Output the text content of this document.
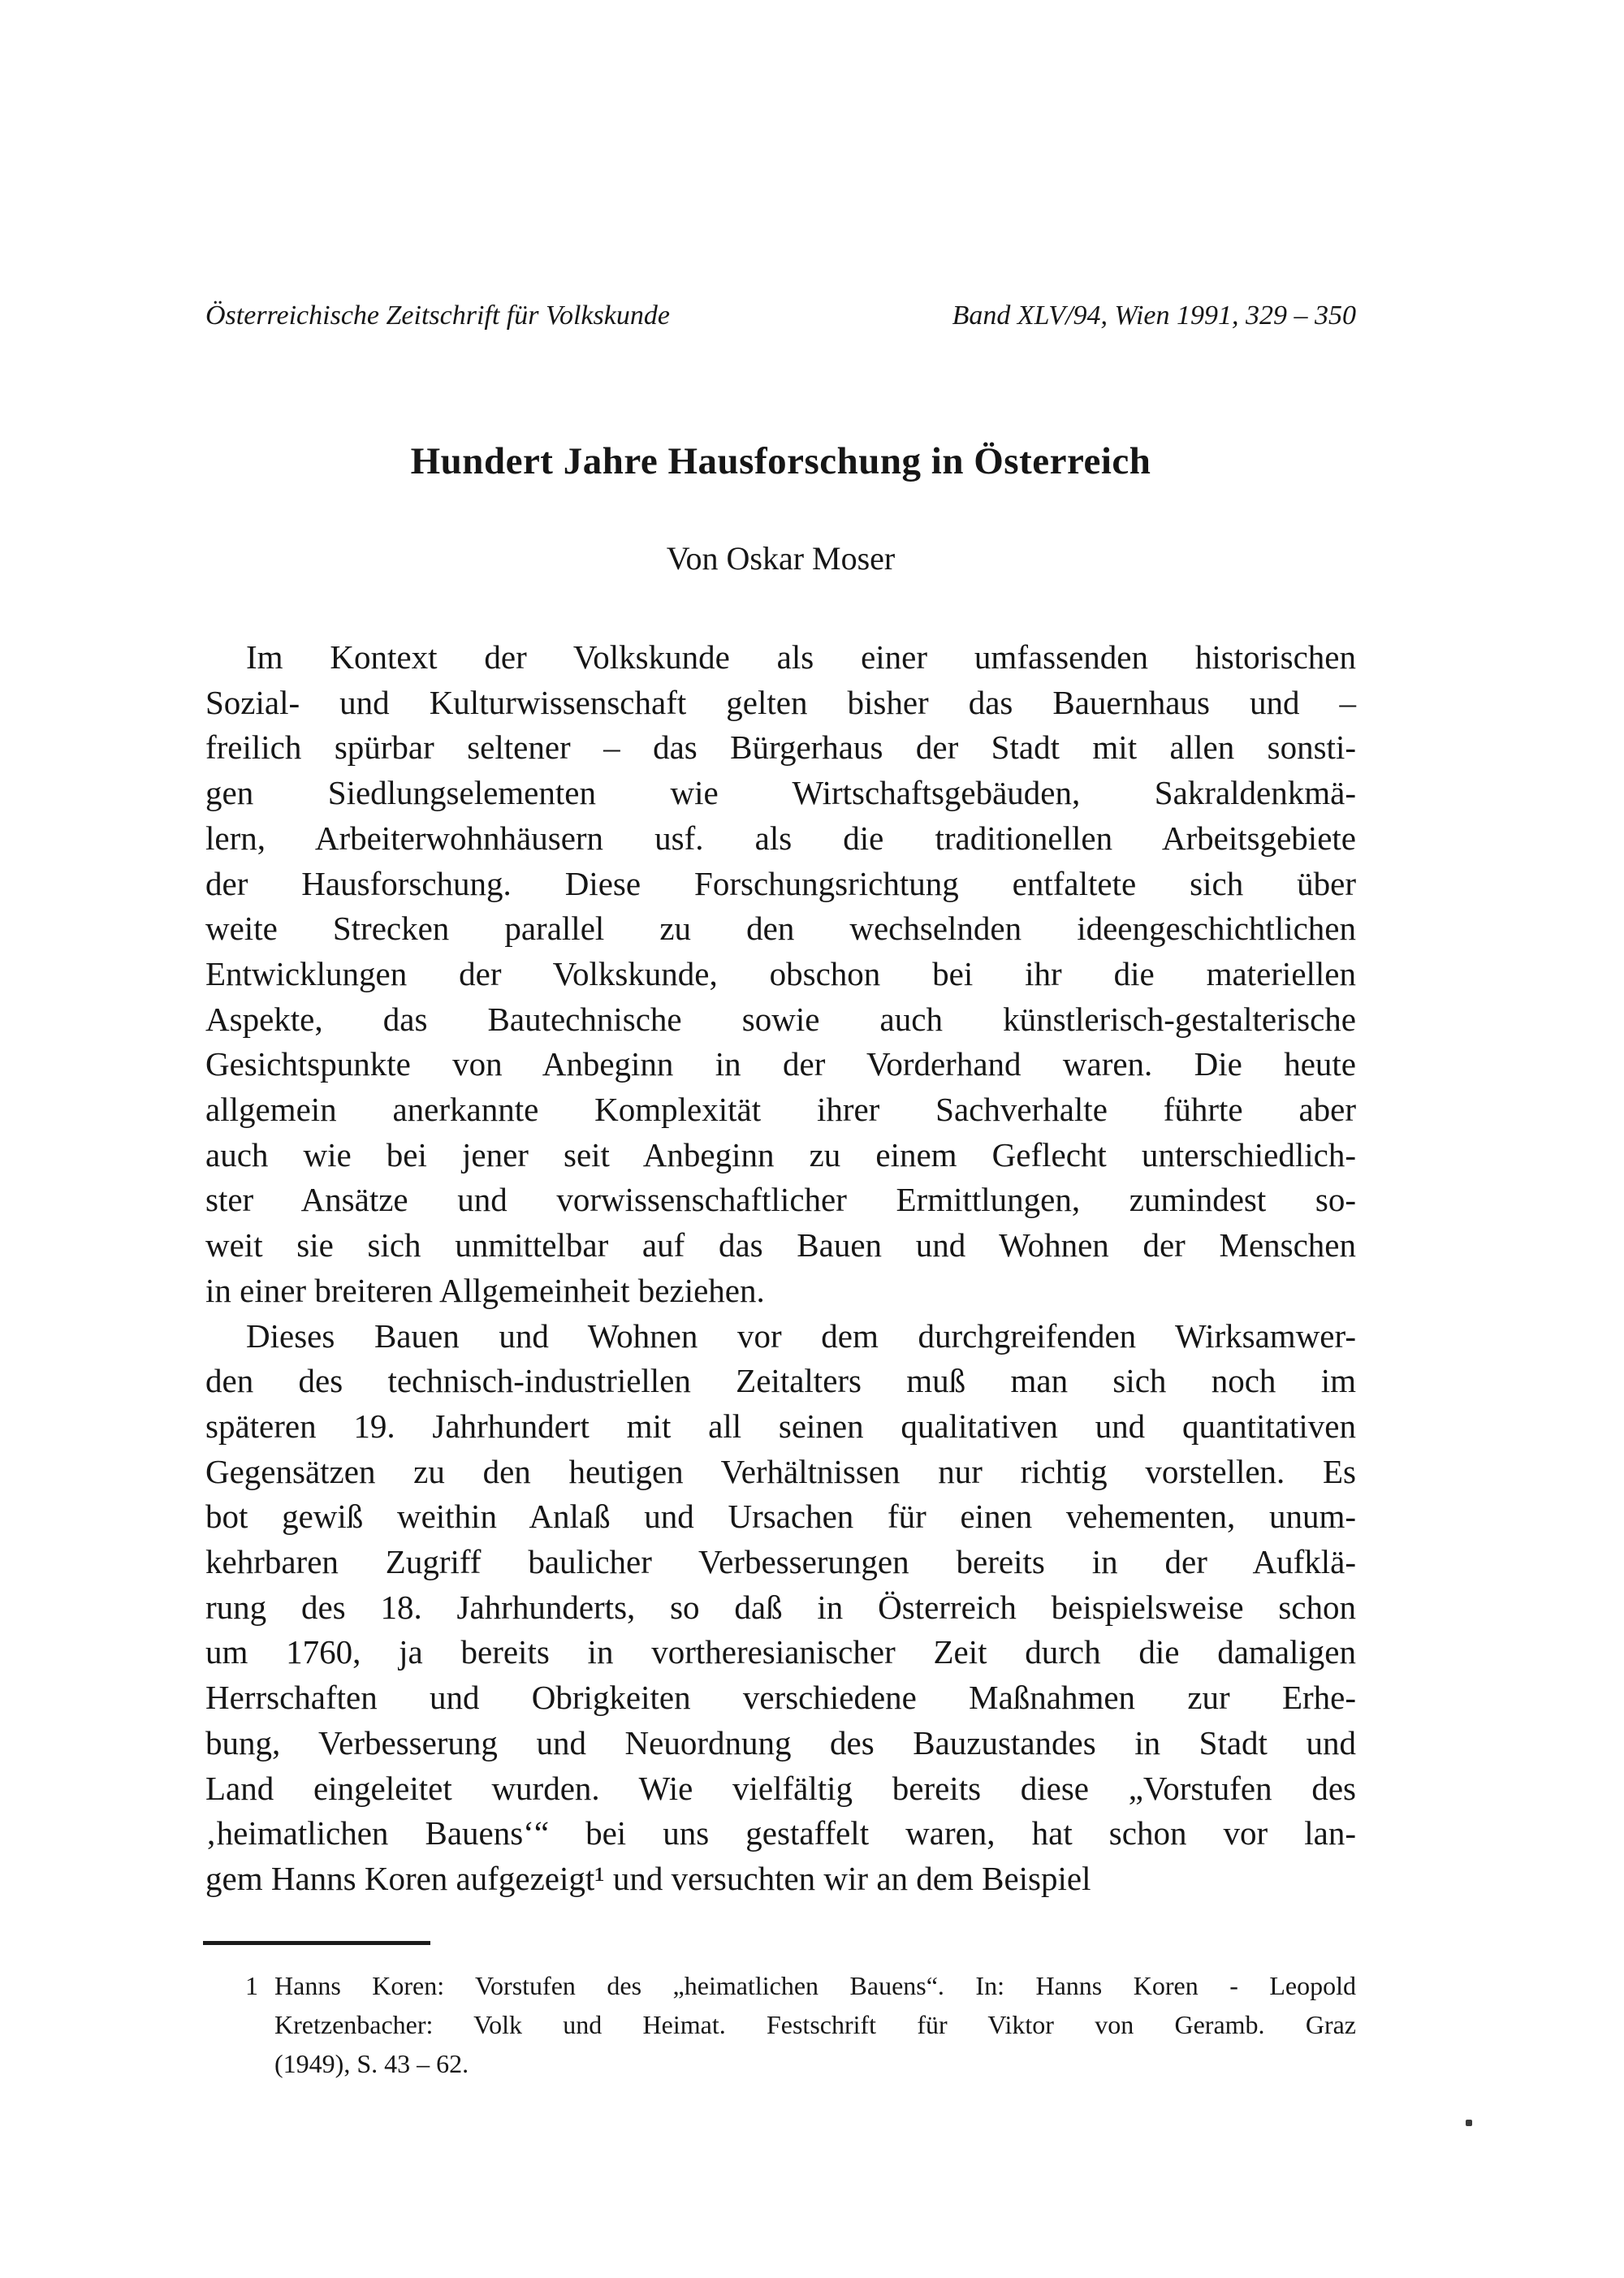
Österreichische Zeitschrift für Volkskunde	Band XLV/94, Wien 1991, 329 – 350
Hundert Jahre Hausforschung in Österreich
Von Oskar Moser
Im Kontext der Volkskunde als einer umfassenden historischen
Sozial- und Kulturwissenschaft gelten bisher das Bauernhaus und –
freilich spürbar seltener – das Bürgerhaus der Stadt mit allen sonsti-
gen Siedlungselementen wie Wirtschaftsgebäuden, Sakraldenkmä-
lern, Arbeiterwohnhäusern usf. als die traditionellen Arbeitsgebiete
der Hausforschung. Diese Forschungsrichtung entfaltete sich über
weite Strecken parallel zu den wechselnden ideengeschichtlichen
Entwicklungen der Volkskunde, obschon bei ihr die materiellen
Aspekte, das Bautechnische sowie auch künstlerisch-gestalterische
Gesichtspunkte von Anbeginn in der Vorderhand waren. Die heute
allgemein anerkannte Komplexität ihrer Sachverhalte führte aber
auch wie bei jener seit Anbeginn zu einem Geflecht unterschiedlich-
ster Ansätze und vorwissenschaftlicher Ermittlungen, zumindest so-
weit sie sich unmittelbar auf das Bauen und Wohnen der Menschen
in einer breiteren Allgemeinheit beziehen.
Dieses Bauen und Wohnen vor dem durchgreifenden Wirksamwer-
den des technisch-industriellen Zeitalters muß man sich noch im
späteren 19. Jahrhundert mit all seinen qualitativen und quantitativen
Gegensätzen zu den heutigen Verhältnissen nur richtig vorstellen. Es
bot gewiß weithin Anlaß und Ursachen für einen vehementen, unum-
kehrbaren Zugriff baulicher Verbesserungen bereits in der Aufklä-
rung des 18. Jahrhunderts, so daß in Österreich beispielsweise schon
um 1760, ja bereits in vortheresianischer Zeit durch die damaligen
Herrschaften und Obrigkeiten verschiedene Maßnahmen zur Erhe-
bung, Verbesserung und Neuordnung des Bauzustandes in Stadt und
Land eingeleitet wurden. Wie vielfältig bereits diese „Vorstufen des
‚heimatlichen Bauens‘“ bei uns gestaffelt waren, hat schon vor lan-
gem Hanns Koren aufgezeigt¹ und versuchten wir an dem Beispiel
1 Hanns Koren: Vorstufen des „heimatlichen Bauens“. In: Hanns Koren - Leopold
Kretzenbacher: Volk und Heimat. Festschrift für Viktor von Geramb. Graz
(1949), S. 43 – 62.
